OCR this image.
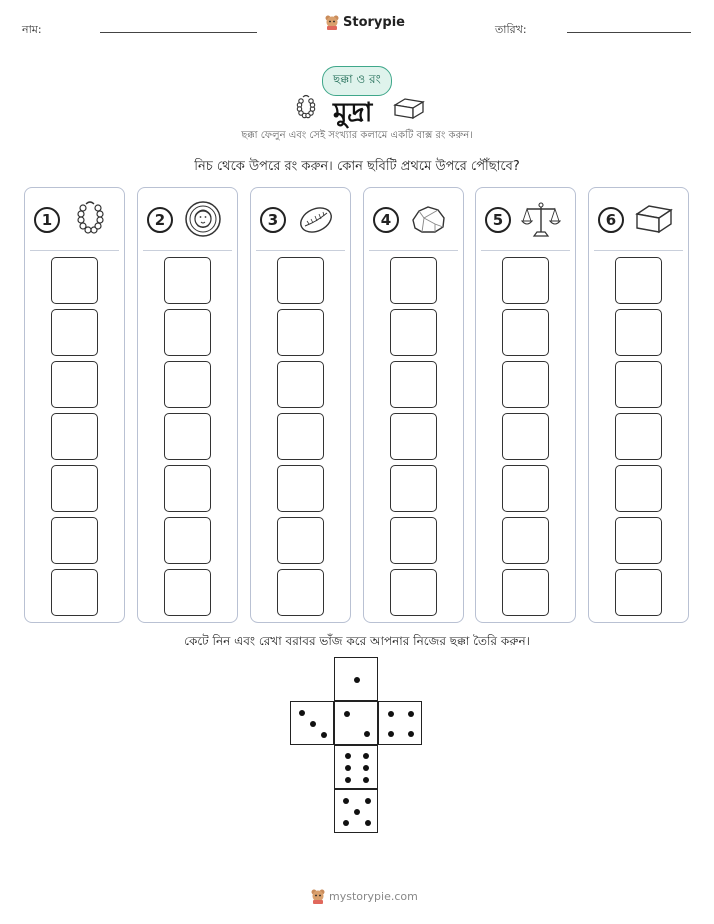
নাম:	Storypie	তারিখ:
ছক্কা ও রং
মুদ্রা
ছক্কা ফেলুন এবং সেই সংখ্যার কলামে একটি বাক্স রং করুন।
নিচ থেকে উপরে রং করুন। কোন ছবিটি প্রথমে উপরে পৌঁছাবে?
1	2	3	4	5	6
কেটে নিন এবং রেখা বরাবর ভাঁজ করে আপনার নিজের ছক্কা তৈরি করুন।
mystorypie.com
